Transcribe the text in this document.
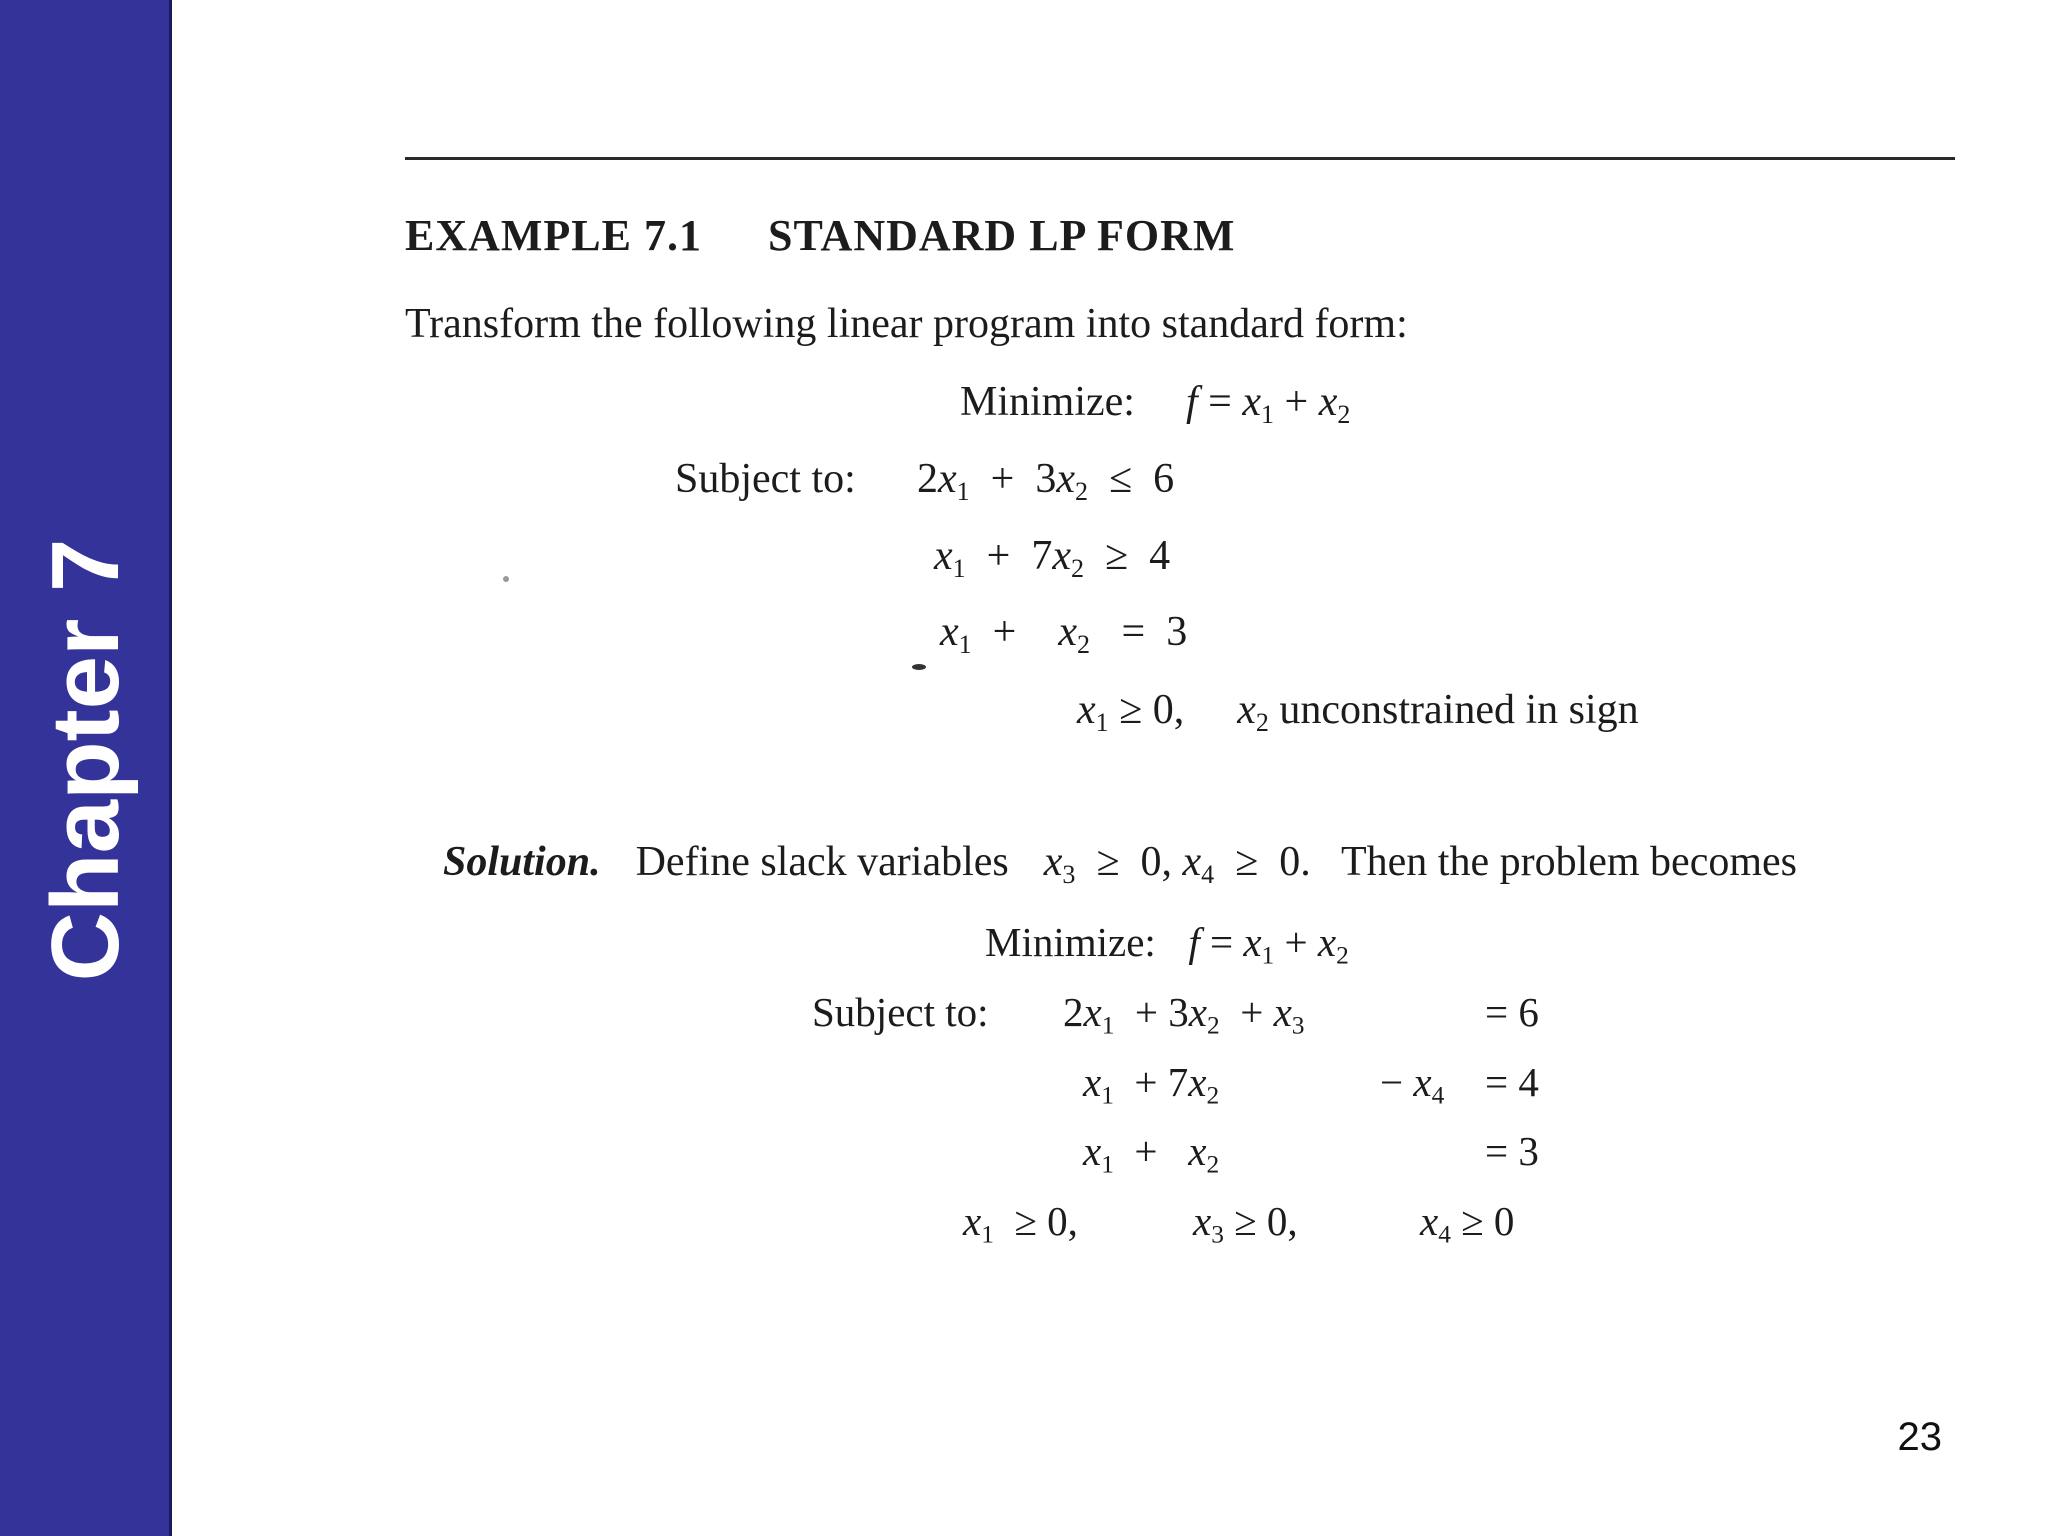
Chapter 7
EXAMPLE 7.1 STANDARD LP FORM
Transform the following linear program into standard form:
Minimize: $f = x_1 + x_2$
Subject to: $2x_1 + 3x_2 \le 6$
$x_1 + 7x_2 \ge 4$
$x_1$  +    $x_2 = 3$
$x_1 \ge 0$, $x_2$ unconstrained in sign
Solution. Define slack variables $x_3 \ge 0$, $x_4 \ge 0$. Then the problem becomes
Minimize: $f = x_1 + x_2$
Subject to: $2x_1 + 3x_2 + x_3$	= 6
$x_1 + 7x_2$	− $x_4 = 4$
$x_1 + x_2$	= 3
$x_1 \ge 0$,	$x_3 \ge 0$,	$x_4 \ge 0$
23
